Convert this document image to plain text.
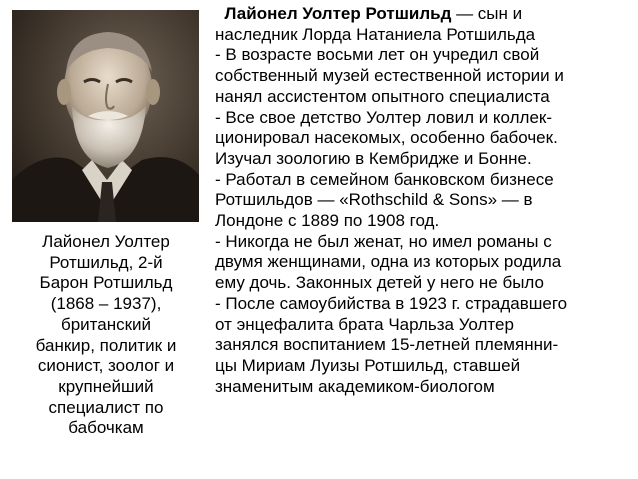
Лайонел Уолтер
Ротшильд, 2-й
Барон Ротшильд
(1868 – 1937),
британский
банкир, политик и
сионист, зоолог и
крупнейший
специалист по
бабочкам
Лайонел Уолтер Ротшильд — сын и
наследник Лорда Натаниела Ротшильда
- В возрасте восьми лет он учредил свой
собственный музей естественной истории и
нанял ассистентом опытного специалиста
- Все свое детство Уолтер ловил и коллек-
ционировал насекомых, особенно бабочек.
Изучал зоологию в Кембридже и Бонне.
- Работал в семейном банковском бизнесе
Ротшильдов — «Rothschild & Sons» — в
Лондоне с 1889 по 1908 год.
- Никогда не был женат, но имел романы с
двумя женщинами, одна из которых родила
ему дочь. Законных детей у него не было
- После самоубийства в 1923 г. страдавшего
от энцефалита брата Чарльза Уолтер
занялся воспитанием 15-летней племянни-
цы Мириам Луизы Ротшильд, ставшей
знаменитым академиком-биологом
